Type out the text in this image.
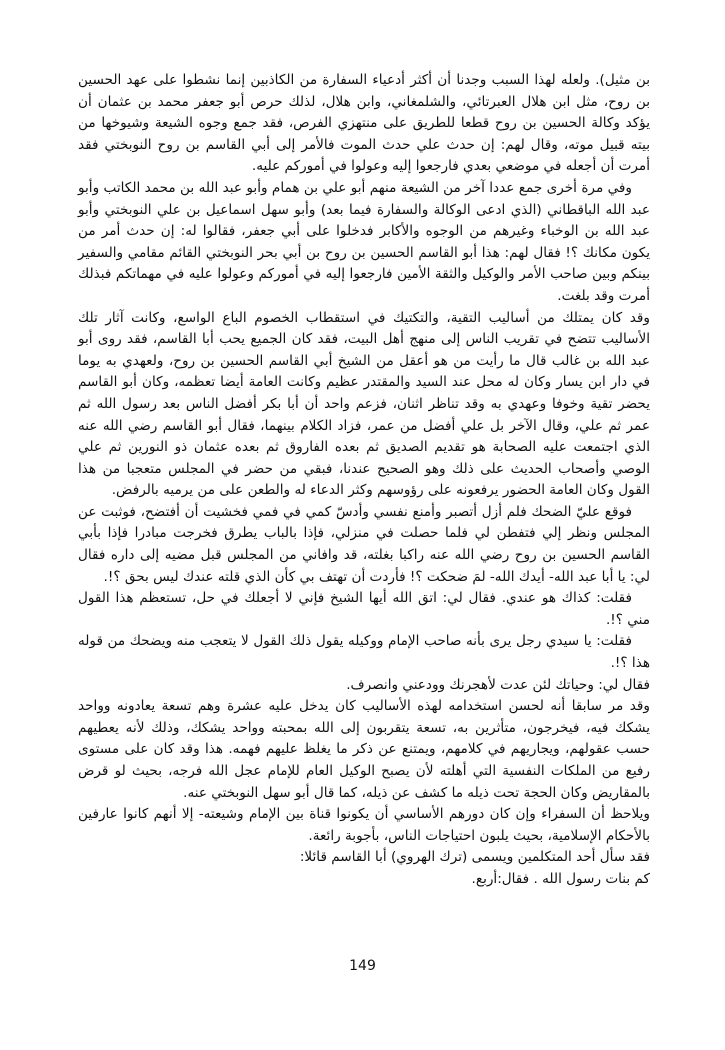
بن مثيل). ولعله لهذا السبب وجدنا أن أكثر أدعياء السفارة من الكاذبين إنما نشطوا على عهد الحسين بن روح، مثل ابن هلال العبرتائي، والشلمغاني، وابن هلال، لذلك حرص أبو جعفر محمد بن عثمان أن يؤكد وكالة الحسين بن روح قطعا للطريق على منتهزي الفرص، فقد جمع وجوه الشيعة وشيوخها من بيته قبيل موته، وقال لهم: إن حدث علي حدث الموت فالأمر إلى أبي القاسم بن روح النوبختي فقد أمرت أن أجعله في موضعي بعدي فارجعوا إليه وعولوا في أموركم عليه.

وفي مرة أخرى جمع عددا آخر من الشيعة منهم أبو علي بن همام وأبو عبد الله بن محمد الكاتب وأبو عبد الله الباقطاني (الذي ادعى الوكالة والسفارة فيما بعد) وأبو سهل اسماعيل بن علي النوبختي وأبو عبد الله بن الوخباء وغيرهم من الوجوه والأكابر فدخلوا على أبي جعفر، فقالوا له: إن حدث أمر من يكون مكانك ؟! فقال لهم: هذا أبو القاسم الحسين بن روح بن أبي بحر النوبختي القائم مقامي والسفير بينكم وبين صاحب الأمر والوكيل والثقة الأمين فارجعوا إليه في أموركم وعولوا عليه في مهماتكم فبذلك أمرت وقد بلغت.

وقد كان يمتلك من أساليب التقية، والتكتيك في استقطاب الخصوم الباع الواسع، وكانت آثار تلك الأساليب تتضح في تقريب الناس إلى منهج أهل البيت، فقد كان الجميع يحب أبا القاسم، فقد روى أبو عبد الله بن غالب قال ما رأيت من هو أعقل من الشيخ أبي القاسم الحسين بن روح، ولعهدي به يوما في دار ابن يسار وكان له محل عند السيد والمقتدر عظيم وكانت العامة أيضا تعظمه، وكان أبو القاسم يحضر تقية وخوفا وعهدي به وقد تناظر اثنان، فزعم واحد أن أبا بكر أفضل الناس بعد رسول الله ثم عمر ثم علي، وقال الآخر بل علي أفضل من عمر، فزاد الكلام بينهما، فقال أبو القاسم رضي الله عنه الذي اجتمعت عليه الصحابة هو تقديم الصديق ثم بعده الفاروق ثم بعده عثمان ذو النورين ثم علي الوصي وأصحاب الحديث على ذلك وهو الصحيح عندنا، فبقي من حضر في المجلس متعجبا من هذا القول وكان العامة الحضور يرفعونه على رؤوسهم وكثر الدعاء له والطعن على من يرميه بالرفض.

فوقع عليّ الضحك فلم أزل أتصبر وأمنع نفسي وأدسّ كمي في فمي فخشيت أن أفتضح، فوثبت عن المجلس ونظر إلي فتفطن لي فلما حصلت في منزلي، فإذا بالباب يطرق فخرجت مبادرا فإذا بأبي القاسم الحسين بن روح رضي الله عنه راكبا بغلته، قد وافاني من المجلس قبل مضيه إلى داره فقال لي: يا أبا عبد الله- أيدك الله- لمَ ضحكت ؟! فأردت أن تهتف بي كأن الذي قلته عندك ليس بحق ؟!.

فقلت: كذاك هو عندي. فقال لي: اتق الله أيها الشيخ فإني لا أجعلك في حل، تستعظم هذا القول مني ؟!.

فقلت: يا سيدي رجل يرى بأنه صاحب الإمام ووكيله يقول ذلك القول لا يتعجب منه ويضحك من قوله هذا ؟!.

فقال لي: وحياتك لئن عدت لأهجرنك وودعني وانصرف.

وقد مر سابقا أنه لحسن استخدامه لهذه الأساليب كان يدخل عليه عشرة وهم تسعة يعادونه وواحد يشكك فيه، فيخرجون، متأثرين به، تسعة يتقربون إلى الله بمحبته وواحد يشكك، وذلك لأنه يعطيهم حسب عقولهم، ويجاريهم في كلامهم، ويمتنع عن ذكر ما يغلظ عليهم فهمه. هذا وقد كان على مستوى رفيع من الملكات النفسية التي أهلته لأن يصبح الوكيل العام للإمام عجل الله فرجه، بحيث لو قرض بالمقاريض وكان الحجة تحت ذيله ما كشف عن ذيله، كما قال أبو سهل النوبختي عنه.

ويلاحظ أن السفراء وإن كان دورهم الأساسي أن يكونوا قناة بين الإمام وشيعته- إلا أنهم كانوا عارفين بالأحكام الإسلامية، بحيث يلبون احتياجات الناس، بأجوبة رائعة.

فقد سأل أحد المتكلمين ويسمى (ترك الهروي) أبا القاسم قائلا:

كم بنات رسول الله . فقال:أربع.

149
